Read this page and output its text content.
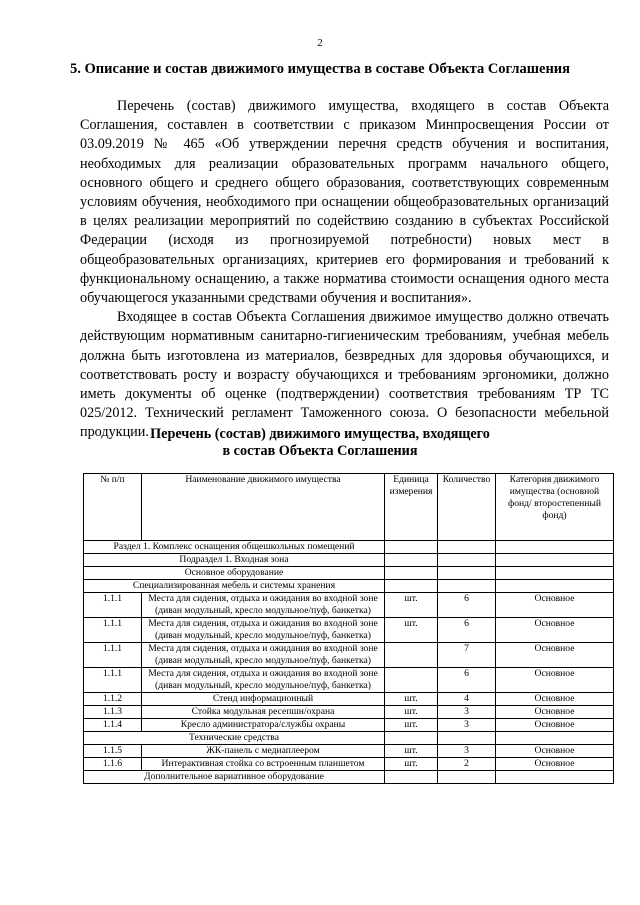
2
5. Описание и состав движимого имущества в составе Объекта Соглашения

Перечень (состав) движимого имущества, входящего в состав Объекта Соглашения, составлен в соответствии с приказом Минпросвещения России от 03.09.2019 № 465 «Об утверждении перечня средств обучения и воспитания, необходимых для реализации образовательных программ начального общего, основного общего и среднего общего образования, соответствующих современным условиям обучения, необходимого при оснащении общеобразовательных организаций в целях реализации мероприятий по содействию созданию в субъектах Российской Федерации (исходя из прогнозируемой потребности) новых мест в общеобразовательных организациях, критериев его формирования и требований к функциональному оснащению, а также норматива стоимости оснащения одного места обучающегося указанными средствами обучения и воспитания».

Входящее в состав Объекта Соглашения движимое имущество должно отвечать действующим нормативным санитарно-гигиеническим требованиям, учебная мебель должна быть изготовлена из материалов, безвредных для здоровья обучающихся, и соответствовать росту и возрасту обучающихся и требованиям эргономики, должно иметь документы об оценке (подтверждении) соответствия требованиям ТР ТС 025/2012. Технический регламент Таможенного союза. О безопасности мебельной продукции. Перечень (состав) движимого имущества, входящего
в состав Объекта Соглашения
№ п/п	Наименование движимого имущества	Единица измерения	Количество	Категория движимого имущества (основной фонд/ второстепенный фонд)
Раздел 1. Комплекс оснащения общешкольных помещений				
Подраздел 1. Входная зона				
Основное оборудование				
Специализированная мебель и системы хранения				
1.1.1	Места для сидения, отдыха и ожидания во входной зоне (диван модульный, кресло модульное/пуф, банкетка)	шт.	6	Основное
1.1.1	Места для сидения, отдыха и ожидания во входной зоне (диван модульный, кресло модульное/пуф, банкетка)	шт.	6	Основное
1.1.1	Места для сидения, отдыха и ожидания во входной зоне (диван модульный, кресло модульное/пуф, банкетка)		7	Основное
1.1.1	Места для сидения, отдыха и ожидания во входной зоне (диван модульный, кресло модульное/пуф, банкетка)		6	Основное
1.1.2	Стенд информационный	шт.	4	Основное
1.1.3	Стойка модульная ресепшн/охрана	шт.	3	Основное
1.1.4	Кресло администратора/службы охраны	шт.	3	Основное
Технические средства				
1.1.5	ЖК-панель с медиаплеером	шт.	3	Основное
1.1.6	Интерактивная стойка со встроенным планшетом	шт.	2	Основное
Дополнительное вариативное оборудование				
